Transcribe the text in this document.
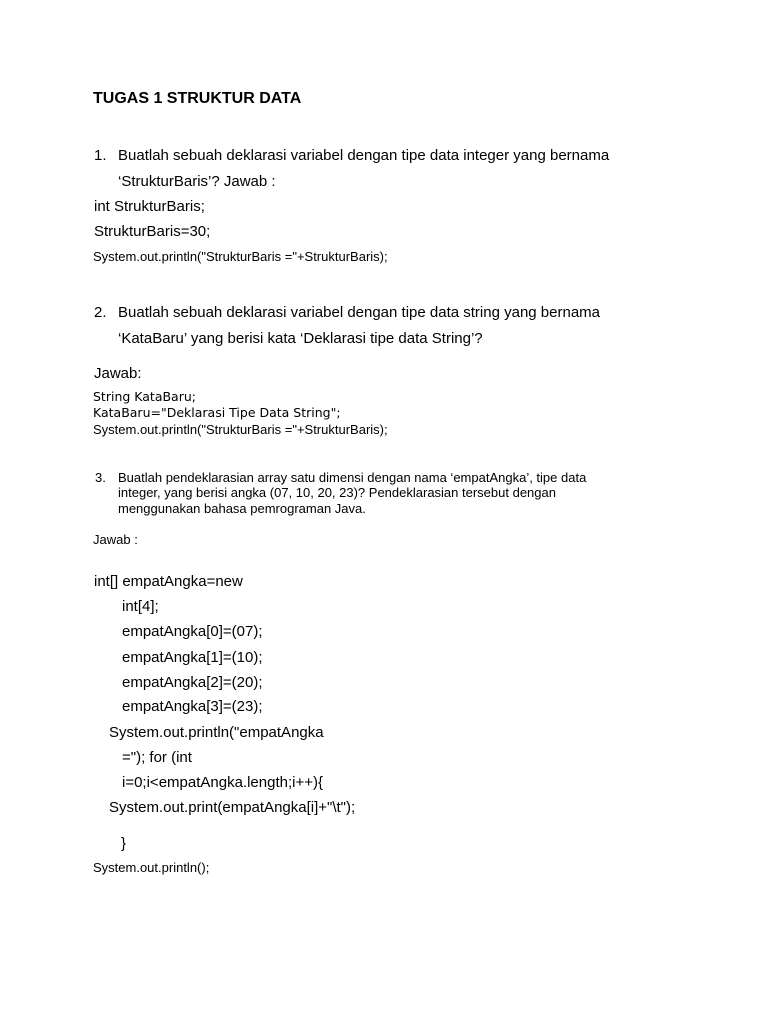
TUGAS 1 STRUKTUR DATA
1. Buatlah sebuah deklarasi variabel dengan tipe data integer yang bernama
‘StrukturBaris’? Jawab :
int StrukturBaris;
StrukturBaris=30;
System.out.println("StrukturBaris ="+StrukturBaris);
2. Buatlah sebuah deklarasi variabel dengan tipe data string yang bernama
‘KataBaru’ yang berisi kata ‘Deklarasi tipe data String’?
Jawab:
String KataBaru;
KataBaru="Deklarasi Tipe Data String";
System.out.println("StrukturBaris ="+StrukturBaris);
3. Buatlah pendeklarasian array satu dimensi dengan nama ‘empatAngka’, tipe data
integer, yang berisi angka (07, 10, 20, 23)? Pendeklarasian tersebut dengan
menggunakan bahasa pemrograman Java.
Jawab :
int[] empatAngka=new
int[4];
empatAngka[0]=(07);
empatAngka[1]=(10);
empatAngka[2]=(20);
empatAngka[3]=(23);
System.out.println("empatAngka
="); for (int
i=0;i<empatAngka.length;i++){
System.out.print(empatAngka[i]+"\t");
}
System.out.println();
